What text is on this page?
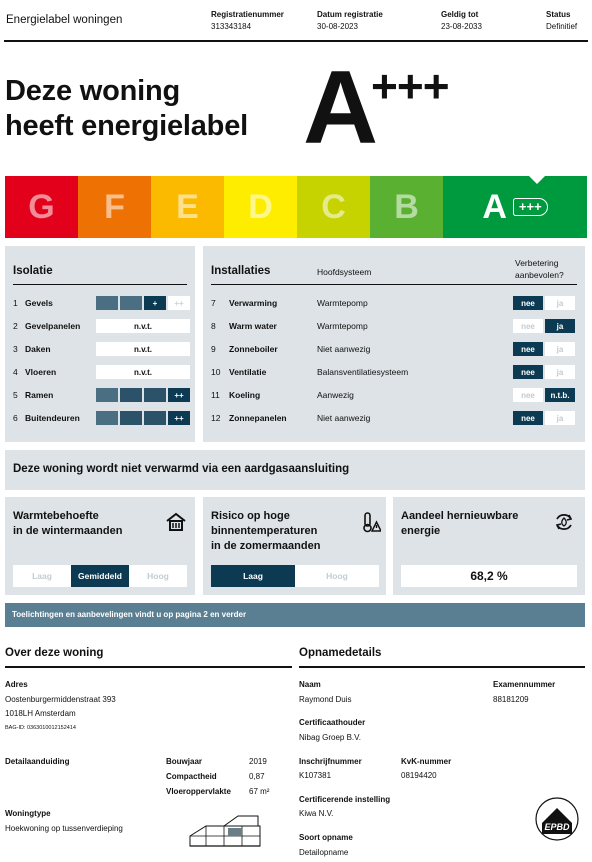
Energielabel woningen	Registratienummer
313343184
Datum registratie
30-08-2023
Geldig tot
23-08-2033
Status
Definitief
Deze woning
heeft energielabel A
+++
G F E D C B A +++
Isolatie
1 Gevels	+	++
2 Gevelpanelen	n.v.t.
3 Daken	n.v.t.
4 Vloeren	n.v.t.
5 Ramen	++
6 Buitendeuren	++
Installaties	Hoofdsysteem
Verbetering
aanbevolen?
7 Verwarming	Warmtepomp	nee	ja
8 Warm water	Warmtepomp	nee	ja
9 Zonneboiler	Niet aanwezig	nee	ja
10 Ventilatie	Balansventilatiesysteem	nee	ja
11 Koeling	Aanwezig	nee	n.t.b.
12 Zonnepanelen	Niet aanwezig	nee	ja
Deze woning wordt niet verwarmd via een aardgasaansluiting
Warmtebehoefte
in de wintermaanden
Laag	Gemiddeld	Hoog
Risico op hoge
binnentemperaturen
in de zomermaanden
Laag	Hoog
Aandeel hernieuwbare
energie
68,2 %
Toelichtingen en aanbevelingen vindt u op pagina 2 en verder
Over deze woning
Adres
Oostenburgermiddenstraat 393
1018LH Amsterdam
BAG-ID: 0363010012152414
Detailaanduiding	Bouwjaar	2019
Compactheid	0,87
Vloeroppervlakte 67 m²
Woningtype
Hoekwoning op tussenverdieping
Opnamedetails
Naam
Raymond Duis
Examennummer
88181209
Certificaathouder
Nibag Groep B.V.
Inschrijfnummer
K107381
KvK-nummer
08194420
Certificerende instelling
Kiwa N.V.
Soort opname
Detailopname
EPBD
